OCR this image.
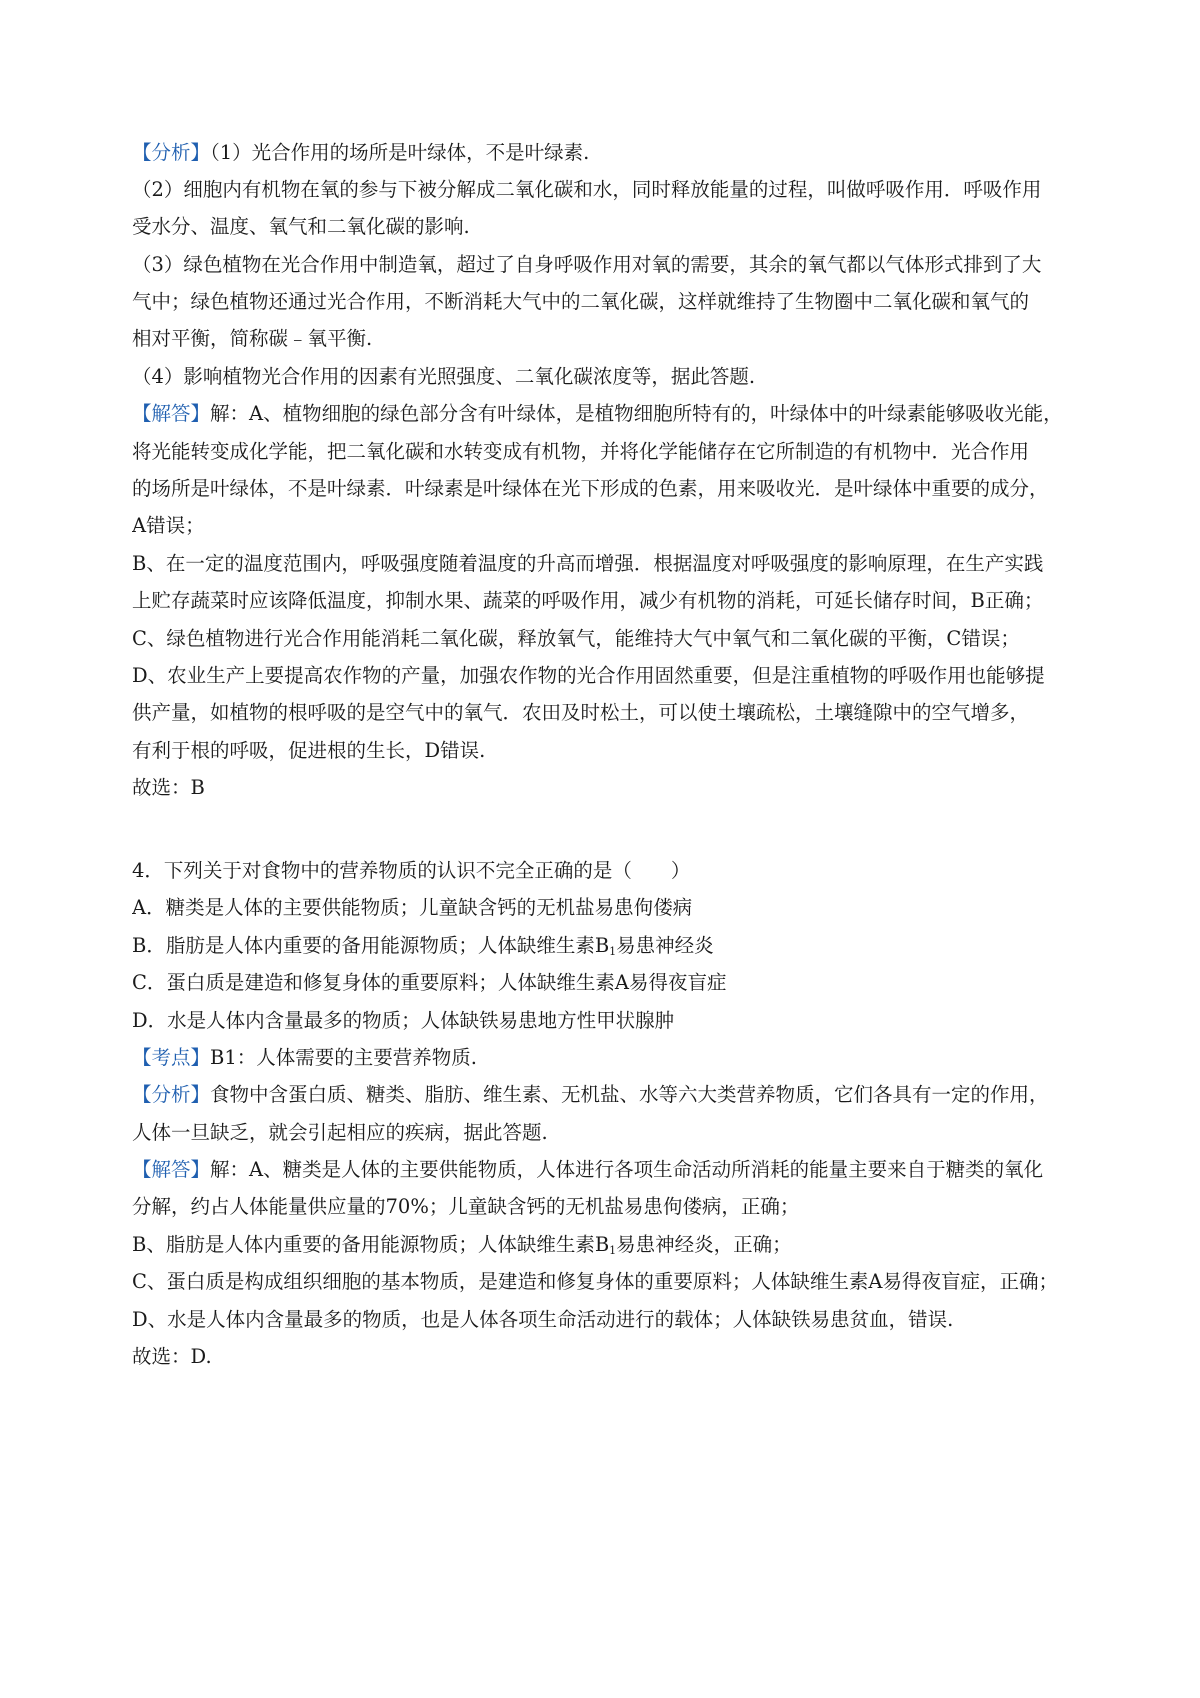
【分析】（1）光合作用的场所是叶绿体，不是叶绿素.
（2）细胞内有机物在氧的参与下被分解成二氧化碳和水，同时释放能量的过程，叫做呼吸作用．呼吸作用
受水分、温度、氧气和二氧化碳的影响.
（3）绿色植物在光合作用中制造氧，超过了自身呼吸作用对氧的需要，其余的氧气都以气体形式排到了大
气中；绿色植物还通过光合作用，不断消耗大气中的二氧化碳，这样就维持了生物圈中二氧化碳和氧气的
相对平衡，简称碳﹣氧平衡.
（4）影响植物光合作用的因素有光照强度、二氧化碳浓度等，据此答题.
【解答】解：A、植物细胞的绿色部分含有叶绿体，是植物细胞所特有的，叶绿体中的叶绿素能够吸收光能，
将光能转变成化学能，把二氧化碳和水转变成有机物，并将化学能储存在它所制造的有机物中．光合作用
的场所是叶绿体，不是叶绿素．叶绿素是叶绿体在光下形成的色素，用来吸收光．是叶绿体中重要的成分，
A错误；
B、在一定的温度范围内，呼吸强度随着温度的升高而增强．根据温度对呼吸强度的影响原理，在生产实践
上贮存蔬菜时应该降低温度，抑制水果、蔬菜的呼吸作用，减少有机物的消耗，可延长储存时间，B正确；
C、绿色植物进行光合作用能消耗二氧化碳，释放氧气，能维持大气中氧气和二氧化碳的平衡，C错误；
D、农业生产上要提高农作物的产量，加强农作物的光合作用固然重要，但是注重植物的呼吸作用也能够提
供产量，如植物的根呼吸的是空气中的氧气．农田及时松土，可以使土壤疏松，土壤缝隙中的空气增多，
有利于根的呼吸，促进根的生长，D错误.
故选：B
4．下列关于对食物中的营养物质的认识不完全正确的是（　　）
A．糖类是人体的主要供能物质；儿童缺含钙的无机盐易患佝偻病
B．脂肪是人体内重要的备用能源物质；人体缺维生素$B_1$易患神经炎
C．蛋白质是建造和修复身体的重要原料；人体缺维生素A易得夜盲症
D．水是人体内含量最多的物质；人体缺铁易患地方性甲状腺肿
【考点】B1：人体需要的主要营养物质.
【分析】食物中含蛋白质、糖类、脂肪、维生素、无机盐、水等六大类营养物质，它们各具有一定的作用，
人体一旦缺乏，就会引起相应的疾病，据此答题.
【解答】解：A、糖类是人体的主要供能物质，人体进行各项生命活动所消耗的能量主要来自于糖类的氧化
分解，约占人体能量供应量的70%；儿童缺含钙的无机盐易患佝偻病，正确；
B、脂肪是人体内重要的备用能源物质；人体缺维生素$B_1$易患神经炎，正确；
C、蛋白质是构成组织细胞的基本物质，是建造和修复身体的重要原料；人体缺维生素A易得夜盲症，正确；
D、水是人体内含量最多的物质，也是人体各项生命活动进行的载体；人体缺铁易患贫血，错误.
故选：D.
